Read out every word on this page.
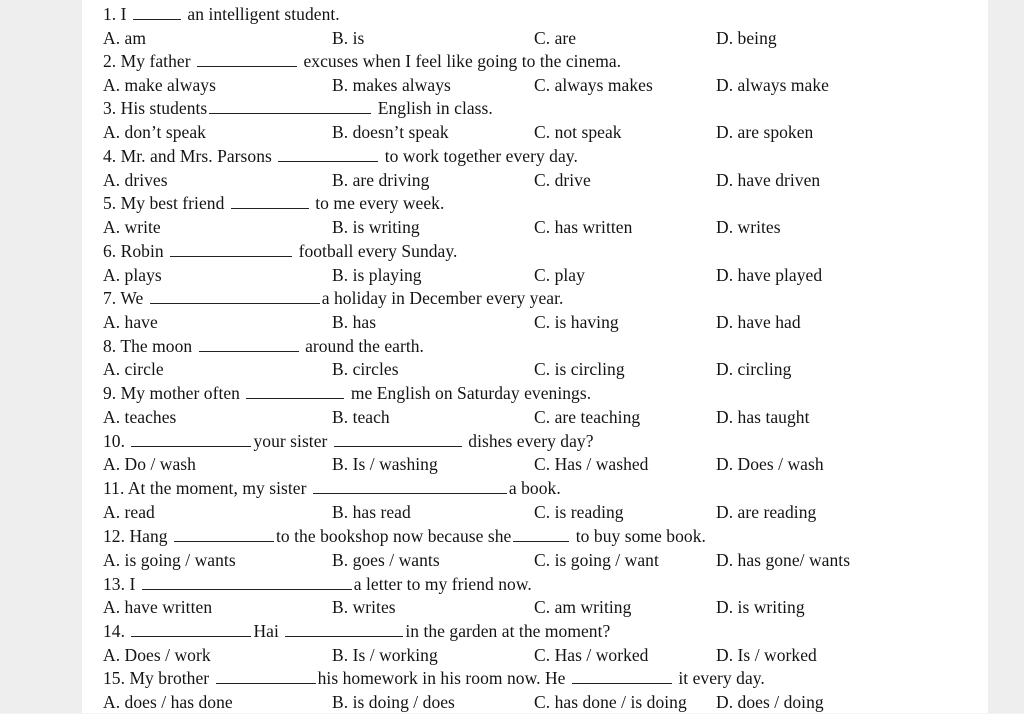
1. I	an intelligent student.
A. am	B. is	C. are	D. being
2. My father	excuses when I feel like going to the cinema.
A. make always	B. makes always	C. always makes	D. always make
3. His students	English in class.
A. don’t speak	B. doesn’t speak	C. not speak	D. are spoken
4. Mr. and Mrs. Parsons	to work together every day.
A. drives	B. are driving	C. drive	D. have driven
5. My best friend	to me every week.
A. write	B. is writing	C. has written	D. writes
6. Robin	football every Sunday.
A. plays	B. is playing	C. play	D. have played
7. We	a holiday in December every year.
A. have	B. has	C. is having	D. have had
8. The moon	around the earth.
A. circle	B. circles	C. is circling	D. circling
9. My mother often	me English on Saturday evenings.
A. teaches	B. teach	C. are teaching	D. has taught
10.	your sister	dishes every day?
A. Do / wash	B. Is / washing	C. Has / washed	D. Does / wash
11. At the moment, my sister	a book.
A. read	B. has read	C. is reading	D. are reading
12. Hang	to the bookshop now because she	to buy some book.
A. is going / wants	B. goes / wants	C. is going / want	D. has gone/ wants
13. I	a letter to my friend now.
A. have written	B. writes	C. am writing	D. is writing
14.	Hai	in the garden at the moment?
A. Does / work	B. Is / working	C. Has / worked	D. Is / worked
15. My brother	his homework in his room now. He	it every day.
A. does / has done	B. is doing / does	C. has done / is doing D. does / doing
